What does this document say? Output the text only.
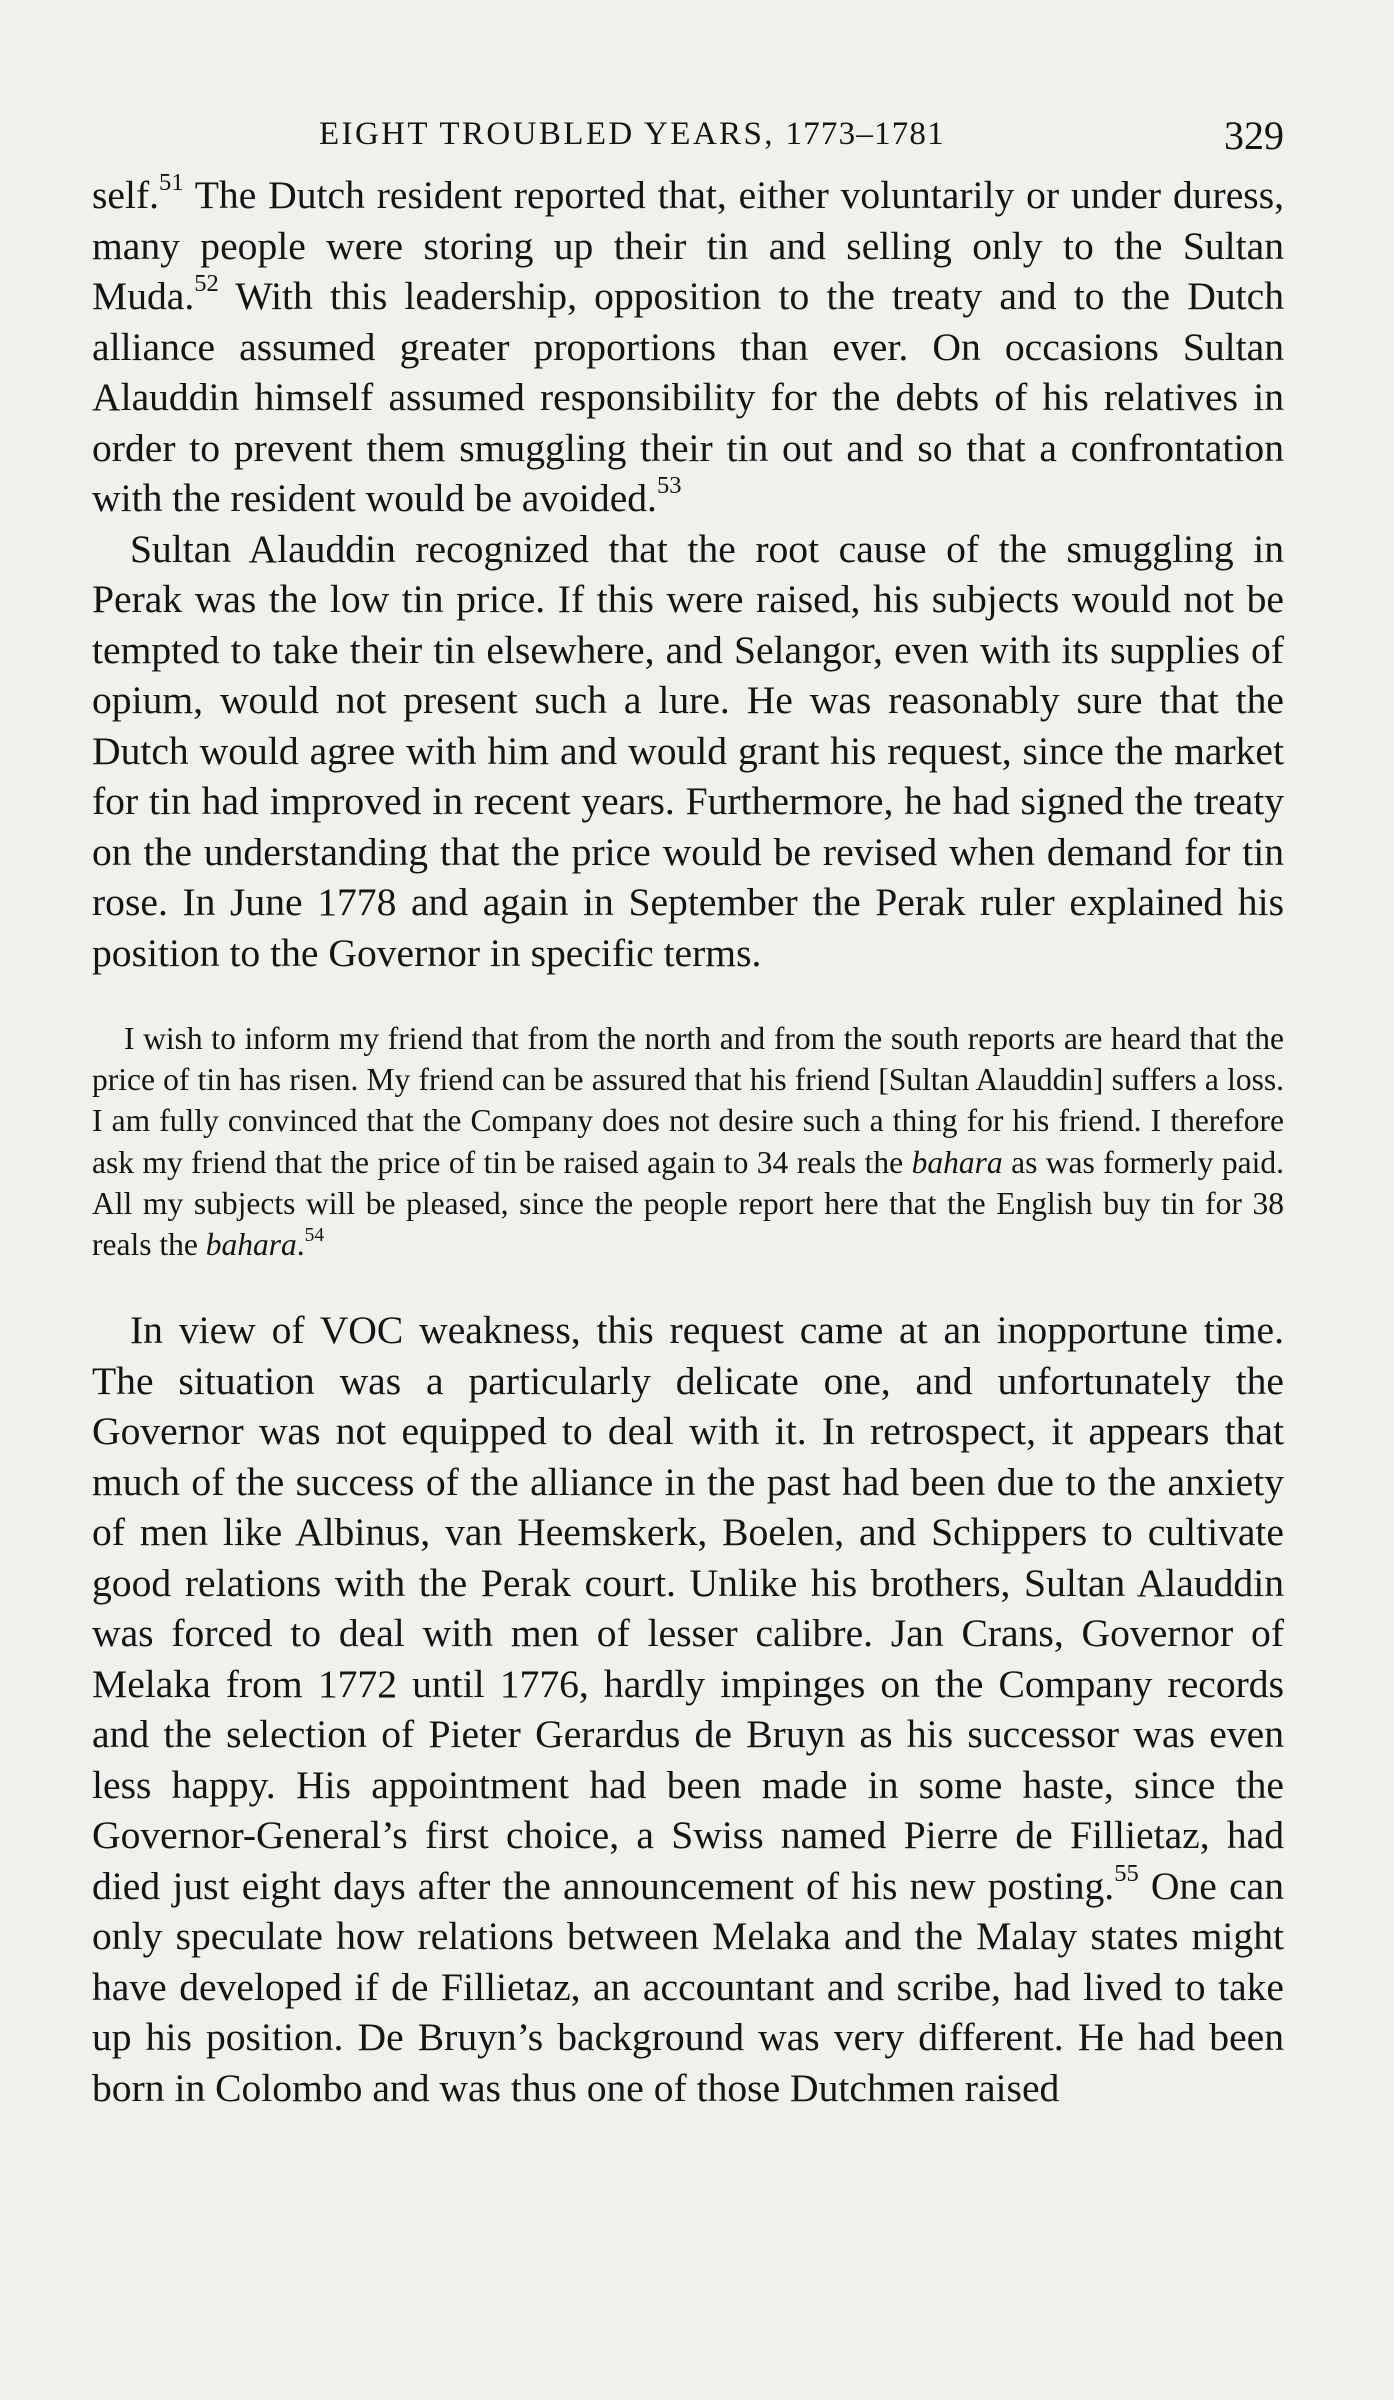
EIGHT TROUBLED YEARS, 1773–1781	329

self.$^{51}$ The Dutch resident reported that, either voluntarily or under duress, many people were storing up their tin and selling only to the Sultan Muda.$^{52}$ With this leadership, opposition to the treaty and to the Dutch alliance assumed greater proportions than ever. On occasions Sultan Alauddin himself assumed responsibility for the debts of his relatives in order to prevent them smuggling their tin out and so that a confrontation with the resident would be avoided.$^{53}$

Sultan Alauddin recognized that the root cause of the smuggling in Perak was the low tin price. If this were raised, his subjects would not be tempted to take their tin elsewhere, and Selangor, even with its supplies of opium, would not present such a lure. He was reasonably sure that the Dutch would agree with him and would grant his request, since the market for tin had improved in recent years. Furthermore, he had signed the treaty on the understanding that the price would be revised when demand for tin rose. In June 1778 and again in September the Perak ruler explained his position to the Governor in specific terms.

I wish to inform my friend that from the north and from the south reports are heard that the price of tin has risen. My friend can be assured that his friend [Sultan Alauddin] suffers a loss. I am fully convinced that the Company does not desire such a thing for his friend. I therefore ask my friend that the price of tin be raised again to 34 reals the bahara as was formerly paid. All my subjects will be pleased, since the people report here that the English buy tin for 38 reals the bahara.$^{54}$

In view of VOC weakness, this request came at an inopportune time. The situation was a particularly delicate one, and unfortunately the Governor was not equipped to deal with it. In retrospect, it appears that much of the success of the alliance in the past had been due to the anxiety of men like Albinus, van Heemskerk, Boelen, and Schippers to cultivate good relations with the Perak court. Unlike his brothers, Sultan Alauddin was forced to deal with men of lesser calibre. Jan Crans, Governor of Melaka from 1772 until 1776, hardly impinges on the Company records and the selection of Pieter Gerardus de Bruyn as his successor was even less happy. His appointment had been made in some haste, since the Governor-General’s first choice, a Swiss named Pierre de Fillietaz, had died just eight days after the announcement of his new posting.$^{55}$ One can only speculate how relations between Melaka and the Malay states might have developed if de Fillietaz, an accountant and scribe, had lived to take up his position. De Bruyn’s background was very different. He had been born in Colombo and was thus one of those Dutchmen raised
